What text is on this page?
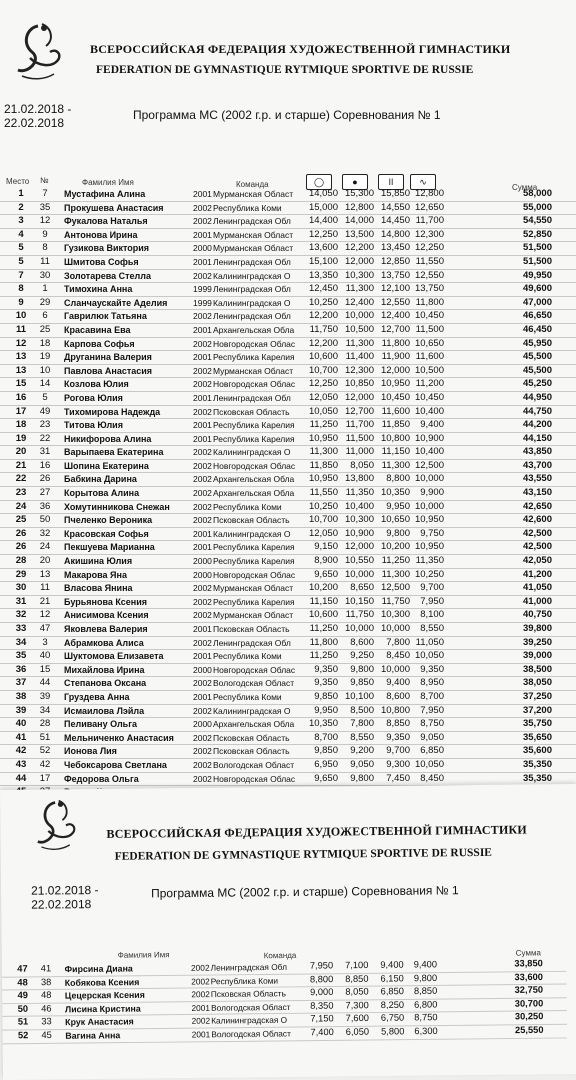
ВСЕРОССИЙСКАЯ ФЕДЕРАЦИЯ ХУДОЖЕСТВЕННОЙ ГИМНАСТИКИ
FEDERATION DE GYMNASTIQUE RYTMIQUE SPORTIVE DE RUSSIE
21.02.2018 -
22.02.2018
Программа МС (2002 г.р. и старше) Соревнования № 1
Место №	Фамилия Имя	Команда	◯	●	ǀǀ	∿
Сумма
1	7	Мустафина Алина	2001 Мурманская Област	14,050 15,300 15,850 12,800	58,000
2	35	Прокушева Анастасия	2002 Республика Коми	15,000 12,800 14,550 12,650	55,000
3	12	Фукалова Наталья	2002 Ленинградская Обл	14,400 14,000 14,450 11,700	54,550
4	9	Антонова Ирина	2001 Мурманская Област	12,250 13,500 14,800 12,300	52,850
5	8	Гузикова Виктория	2000 Мурманская Област	13,600 12,200 13,450 12,250	51,500
5	11	Шмитова Софья	2001 Ленинградская Обл	15,100 12,000 12,850 11,550	51,500
7	30	Золотарева Стелла	2002 Калининградская О	13,350 10,300 13,750 12,550	49,950
8	1	Тимохина Анна	1999 Ленинградская Обл	12,450 11,300 12,100 13,750	49,600
9	29	Сланчаускайте Аделия	1999 Калининградская О	10,250 12,400 12,550 11,800	47,000
10	6	Гаврилюк Татьяна	2002 Ленинградская Обл	12,200 10,000 12,400 10,450	46,650
11	25	Красавина Ева	2001 Архангельская Обла	11,750 10,500 12,700 11,500	46,450
12	18	Карпова Софья	2002 Новгородская Облас	12,200 11,300 11,800 10,650	45,950
13	19	Друганина Валерия	2001 Республика Карелия	10,600 11,400 11,900 11,600	45,500
13	10	Павлова Анастасия	2002 Мурманская Област	10,700 12,300 12,000 10,500	45,500
15	14	Козлова Юлия	2002 Новгородская Облас	12,250 10,850 10,950 11,200	45,250
16	5	Рогова Юлия	2001 Ленинградская Обл	12,050 12,000 10,450 10,450	44,950
17	49	Тихомирова Надежда	2002 Псковская Область	10,050 12,700 11,600 10,400	44,750
18	23	Титова Юлия	2001 Республика Карелия	11,250 11,700 11,850	9,400	44,200
19	22	Никифорова Алина	2001 Республика Карелия	10,950 11,500 10,800 10,900	44,150
20	31	Варыпаева Екатерина	2002 Калининградская О	11,300 11,000 11,150 10,400	43,850
21	16	Шопина Екатерина	2002 Новгородская Облас	11,850	8,050 11,300 12,500	43,700
22	26	Бабкина Дарина	2002 Архангельская Обла	10,950 13,800	8,800 10,000	43,550
23	27	Корытова Алина	2002 Архангельская Обла	11,550 11,350 10,350	9,900	43,150
24	36	Хомутинникова Снежан	2002 Республика Коми	10,250 10,400	9,950 10,000	42,650
25	50	Пчеленко Вероника	2002 Псковская Область	10,700 10,300 10,650 10,950	42,600
26	32	Красовская Софья	2001 Калининградская О	12,050 10,900	9,800	9,750	42,500
26	24	Пекшуева Марианна	2001 Республика Карелия	9,150 12,000 10,200 10,950	42,500
28	20	Акишина Юлия	2000 Республика Карелия	8,900 10,550 11,250 11,350	42,050
29	13	Макарова Яна	2000 Новгородская Облас	9,650 10,000 11,300 10,250	41,200
30	11	Власова Янина	2002 Мурманская Област	10,200	8,650 12,500	9,700	41,050
31	21	Бурьянова Ксения	2002 Республика Карелия	11,150 10,150 11,750	7,950	41,000
32	12	Анисимова Ксения	2002 Мурманская Област	10,600 11,750 10,300	8,100	40,750
33	47	Яковлева Валерия	2001 Псковская Область	11,250 10,000 10,000	8,550	39,800
34	3	Абрамкова Алиса	2002 Ленинградская Обл	11,800	8,600	7,800 11,050	39,250
35	40	Шуктомова Елизавета	2001 Республика Коми	11,250	9,250	8,450 10,050	39,000
36	15	Михайлова Ирина	2000 Новгородская Облас	9,350	9,800 10,000	9,350	38,500
37	44	Степанова Оксана	2002 Вологодская Област	9,350	9,850	9,400	8,950	38,050
38	39	Груздева Анна	2001 Республика Коми	9,850 10,100	8,600	8,700	37,250
39	34	Исмаилова Лэйла	2002 Калининградская О	9,950	8,500 10,800	7,950	37,200
40	28	Пеливану Ольга	2000 Архангельская Обла	10,350	7,800	8,850	8,750	35,750
41	51	Мельниченко Анастасия	2002 Псковская Область	8,700	8,550	9,350	9,050	35,650
42	52	Ионова Лия	2002 Псковская Область	9,850	9,200	9,700	6,850	35,600
43	42	Чебоксарова Светлана	2002 Вологодская Област	6,950	9,050	9,300 10,050	35,350
44	17	Федорова Ольга	2002 Новгородская Облас	9,650	9,800	7,450	8,450	35,350
ВСЕРОССИЙСКАЯ ФЕДЕРАЦИЯ ХУДОЖЕСТВЕННОЙ ГИМНАСТИКИ
FEDERATION DE GYMNASTIQUE RYTMIQUE SPORTIVE DE RUSSIE
21.02.2018 -
22.02.2018
Программа МС (2002 г.р. и старше) Соревнования № 1
Фамилия Имя	Команда	Сумма
47	41	Фирсина Диана	2002 Ленинградская Обл	7,950	7,100	9,400	9,400	33,850
48	38	Кобякова Ксения	2002 Республика Коми	8,800	8,850	6,150	9,800	33,600
49	48	Цецерская Ксения	2002 Псковская Область	9,000	8,050	6,850	8,850	32,750
50	46	Лисина Кристина	2001 Вологодская Област	8,350	7,300	8,250	6,800	30,700
51	33	Крук Анастасия	2002 Калининградская О	7,150	7,600	6,750	8,750	30,250
52	45	Вагина Анна	2001 Вологодская Област	7,400	6,050	5,800	6,300	25,550
